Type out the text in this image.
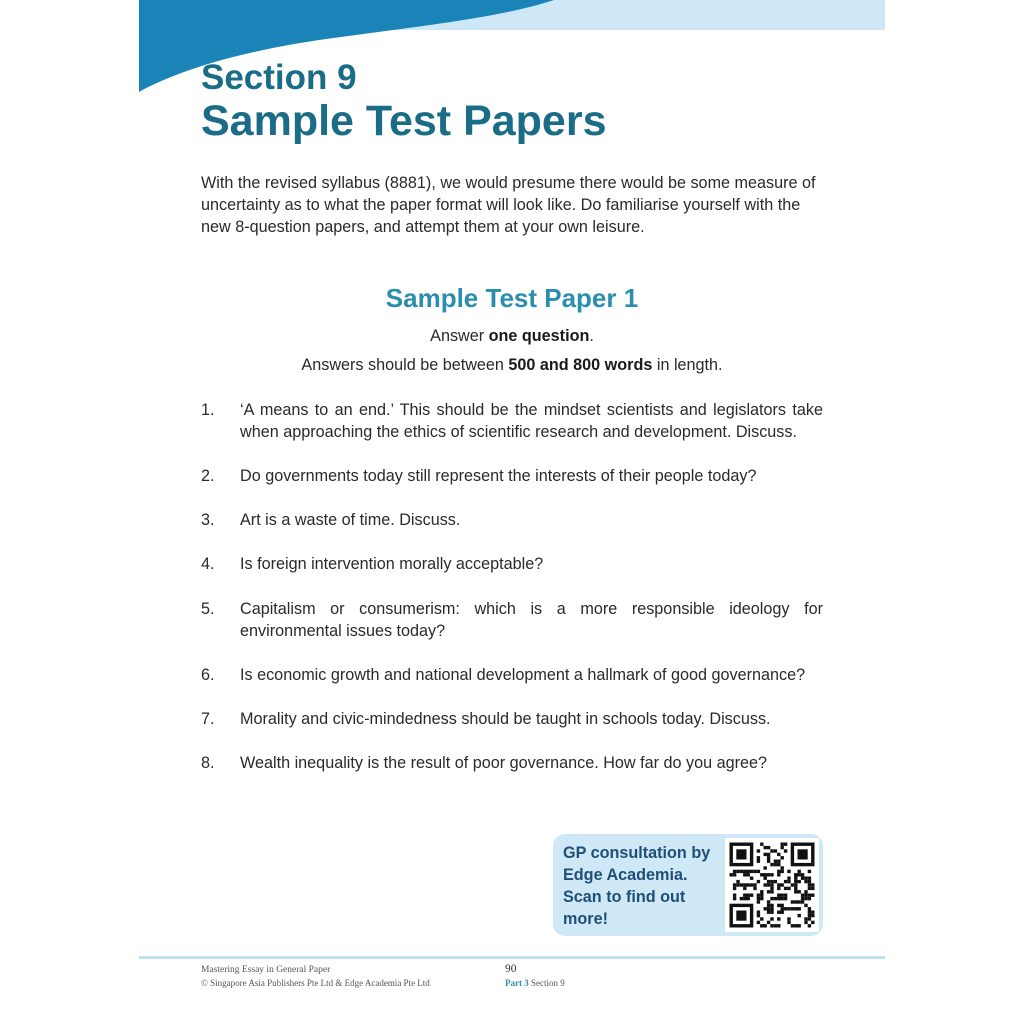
Section 9
Sample Test Papers

With the revised syllabus (8881), we would presume there would be some measure of uncertainty as to what the paper format will look like. Do familiarise yourself with the new 8-question papers, and attempt them at your own leisure.

Sample Test Paper 1

Answer one question.

Answers should be between 500 and 800 words in length.

1.	‘A means to an end.’ This should be the mindset scientists and legislators take when approaching the ethics of scientific research and development. Discuss.
2.	Do governments today still represent the interests of their people today?
3.	Art is a waste of time. Discuss.
4.	Is foreign intervention morally acceptable?
5.	Capitalism or consumerism: which is a more responsible ideology for environmental issues today?
6.	Is economic growth and national development a hallmark of good governance?
7.	Morality and civic-mindedness should be taught in schools today. Discuss.
8.	Wealth inequality is the result of poor governance. How far do you agree?

GP consultation by Edge Academia. Scan to find out more!

Mastering Essay in General Paper

© Singapore Asia Publishers Pte Ltd & Edge Academia Pte Ltd

90

Part 3 Section 9
